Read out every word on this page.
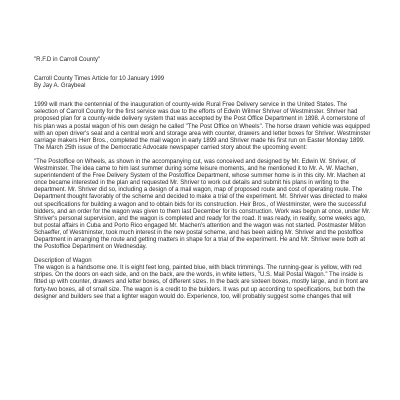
"R.F.D in Carroll County"

Carroll County Times Article for 10 January 1999

By Jay A. Graybeal

1999 will mark the centennial of the inauguration of county-wide Rural Free Delivery service in the United States. The selection of Carroll County for the first service was due to the efforts of Edwin Wilmer Shriver of Westminster. Shriver had proposed plan for a county-wide delivery system that was accepted by the Post Office Department in 1898. A cornerstone of his plan was a postal wagon of his own design he called "The Post Office on Wheels". The horse drawn vehicle was equipped with an open driver's seat and a central work and storage area with counter, drawers and letter boxes for Shriver. Westminster carriage makers Herr Bros., completed the mail wagon in early 1899 and Shriver made his first run on Easter Monday 1899. The March 25th issue of the Democratic Advocate newspaper carried story about the upcoming event:

"The Postoffice on Wheels, as shown in the accompanying cut, was conceived and designed by Mr. Edwin W. Shriver, of Westminster. The idea came to him last summer during some leisure moments, and he mentioned it to Mr. A. W. Machen, superintendent of the Free Delivery System of the Postoffice Department, whose summer home is in this city. Mr. Machen at once became interested in the plan and requested Mr. Shriver to work out details and submit his plans in writing to the department. Mr. Shriver did so, including a design of a mail wagon, map of proposed route and cost of operating route. The Department thought favorably of the scheme and decided to make a trial of the experiment. Mr. Shriver was directed to make out specifications for building a wagon and to obtain bids for its construction. Heir Bros., of Westminster, were the successful bidders, and an order for the wagon was given to them last December for its construction. Work was begun at once, under Mr. Shriver's personal supervision, and the wagon is completed and ready for the road. It was ready, in reality, some weeks ago, but postal affairs in Cuba and Porto Rico engaged Mr. Machen's attention and the wagon was not started. Postmaster Milton Schaeffer, of Westminster, took much interest in the new postal scheme, and has been aiding Mr. Shriver and the postoffice Department in arranging the route and getting matters in shape for a trial of the experiment. He and Mr. Shriver were both at the Postoffice Department on Wednesday.

Description of Wagon

The wagon is a handsome one. It is eight feet long, painted blue, with black trimmings. The running-gear is yellow, with red stripes. On the doors on each side, and on the back, are the words, in white letters, "U.S. Mail Postal Wagon." The inside is fitted up with counter, drawers and letter boxes, of different sizes. In the back are sixteen boxes, mostly large, and in front are forty-two boxes, all of small size. The wagon is a credit to the builders. It was put up according to specifications, but both the designer and builders see that a lighter wagon would do. Experience, too, will probably suggest some changes that will
